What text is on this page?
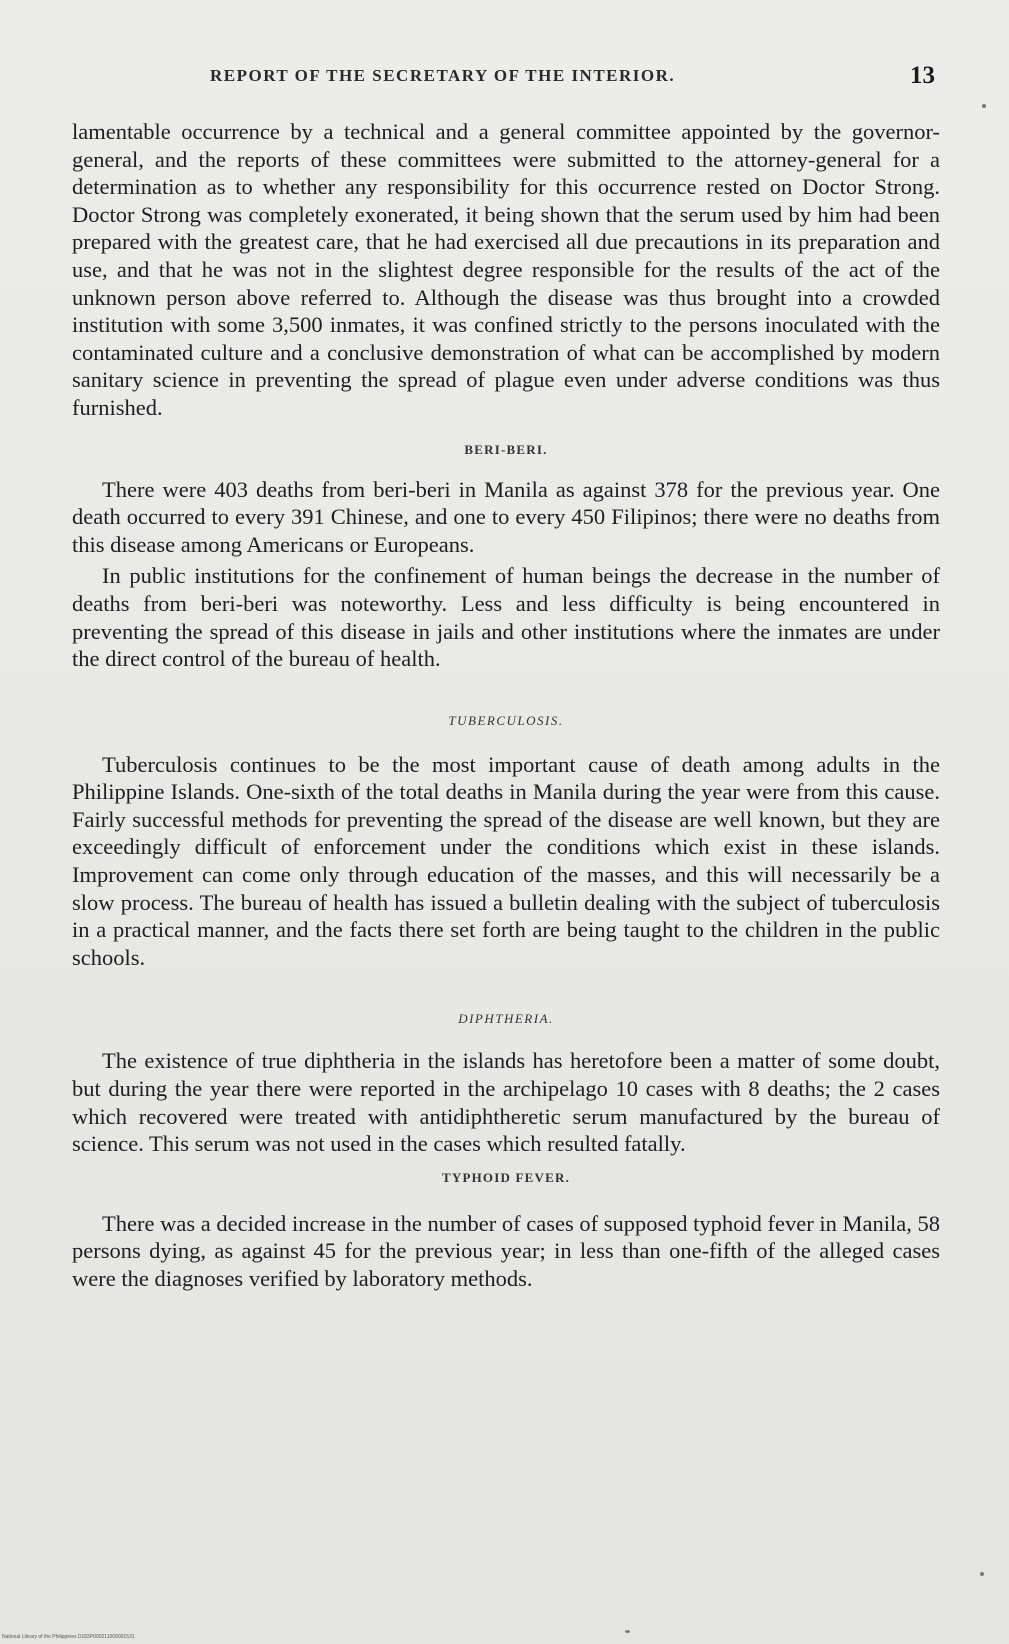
REPORT OF THE SECRETARY OF THE INTERIOR.	13

lamentable occurrence by a technical and a general committee appointed by the governor-general, and the reports of these committees were submitted to the attorney-general for a determination as to whether any responsibility for this occurrence rested on Doctor Strong. Doctor Strong was completely exonerated, it being shown that the serum used by him had been prepared with the greatest care, that he had exercised all due precautions in its preparation and use, and that he was not in the slightest degree responsible for the results of the act of the unknown person above referred to. Although the disease was thus brought into a crowded institution with some 3,500 inmates, it was confined strictly to the persons inoculated with the contaminated culture and a conclusive demonstration of what can be accomplished by modern sanitary science in preventing the spread of plague even under adverse conditions was thus furnished.

BERI-BERI.

There were 403 deaths from beri-beri in Manila as against 378 for the previous year. One death occurred to every 391 Chinese, and one to every 450 Filipinos; there were no deaths from this disease among Americans or Europeans.

In public institutions for the confinement of human beings the decrease in the number of deaths from beri-beri was noteworthy. Less and less difficulty is being encountered in preventing the spread of this disease in jails and other institutions where the inmates are under the direct control of the bureau of health.

TUBERCULOSIS.

Tuberculosis continues to be the most important cause of death among adults in the Philippine Islands. One-sixth of the total deaths in Manila during the year were from this cause. Fairly successful methods for preventing the spread of the disease are well known, but they are exceedingly difficult of enforcement under the conditions which exist in these islands. Improvement can come only through education of the masses, and this will necessarily be a slow process. The bureau of health has issued a bulletin dealing with the subject of tuberculosis in a practical manner, and the facts there set forth are being taught to the children in the public schools.

DIPHTHERIA.

The existence of true diphtheria in the islands has heretofore been a matter of some doubt, but during the year there were reported in the archipelago 10 cases with 8 deaths; the 2 cases which recovered were treated with antidiphtheretic serum manufactured by the bureau of science. This serum was not used in the cases which resulted fatally.

TYPHOID FEVER.

There was a decided increase in the number of cases of supposed typhoid fever in Manila, 58 persons dying, as against 45 for the previous year; in less than one-fifth of the alleged cases were the diagnoses verified by laboratory methods.

National Library of the Philippines D183P000211009001531
